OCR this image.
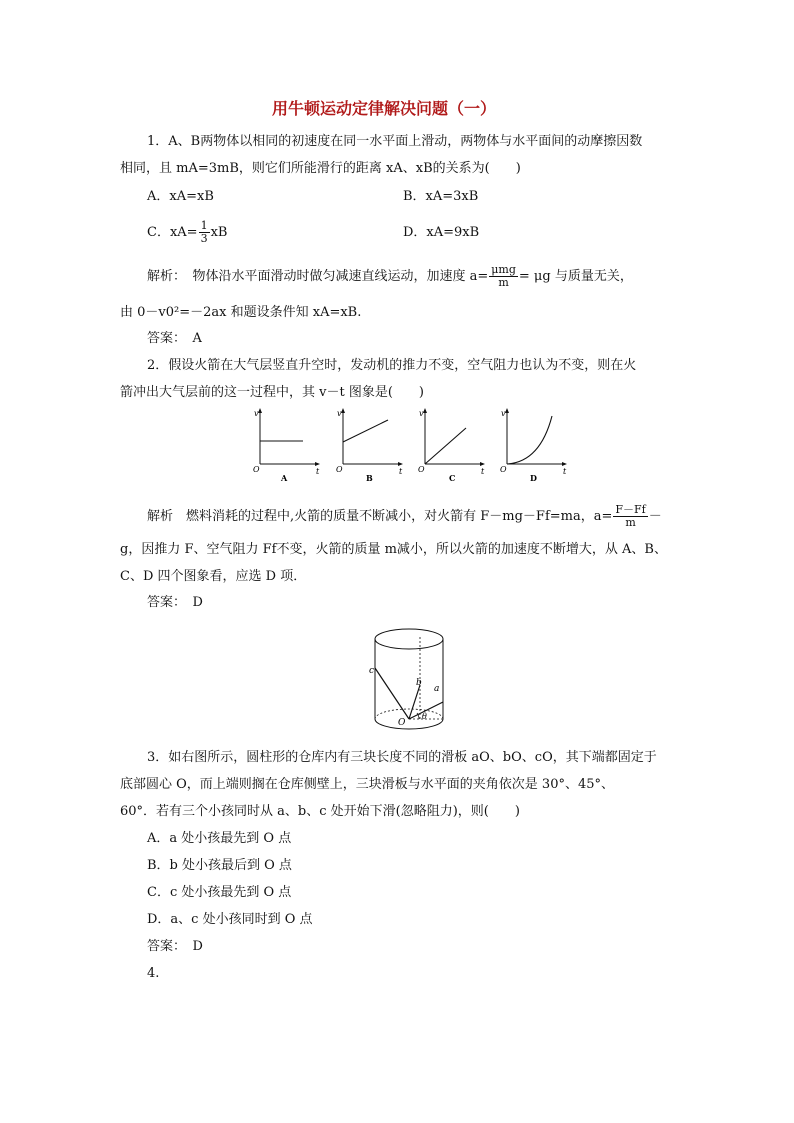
用牛顿运动定律解决问题（一）
1．A、B两物体以相同的初速度在同一水平面上滑动，两物体与水平面间的动摩擦因数
相同，且 mA=3mB，则它们所能滑行的距离 xA、xB的关系为(　　)
A．xA=xB	B．xA=3xB
C．$xA= \frac{1}{3}$ xB	D．xA=9xB
解析：　物体沿水平面滑动时做匀减速直线运动，加速度 $a= \frac{\text{μmg}}{m} = \mu g$ 与质量无关，
由 0－v0²=－2ax 和题设条件知 xA=xB.
答案：　A
2．假设火箭在大气层竖直升空时，发动机的推力不变，空气阻力也认为不变，则在火
箭冲出大气层前的这一过程中，其 v－t 图象是(　　)
v
t
O
A
v
t
O
B
v
t
O
C
v
t
O
D
解析　燃料消耗的过程中,火箭的质量不断减小，对火箭有 F－mg－Ff=ma，$a= \frac{F-Ff}{m}$ －
g，因推力 F、空气阻力 Ff不变，火箭的质量 m减小，所以火箭的加速度不断增大，从 A、B、
C、D 四个图象看，应选 D 项．
答案：　D
c
b
a
O
θ
3．如右图所示，圆柱形的仓库内有三块长度不同的滑板 aO、bO、cO，其下端都固定于
底部圆心 O，而上端则搁在仓库侧壁上，三块滑板与水平面的夹角依次是 30°、45°、
60°．若有三个小孩同时从 a、b、c 处开始下滑(忽略阻力)，则(　　)
A．a 处小孩最先到 O 点
B．b 处小孩最后到 O 点
C．c 处小孩最先到 O 点
D．a、c 处小孩同时到 O 点
答案：　D
4.
